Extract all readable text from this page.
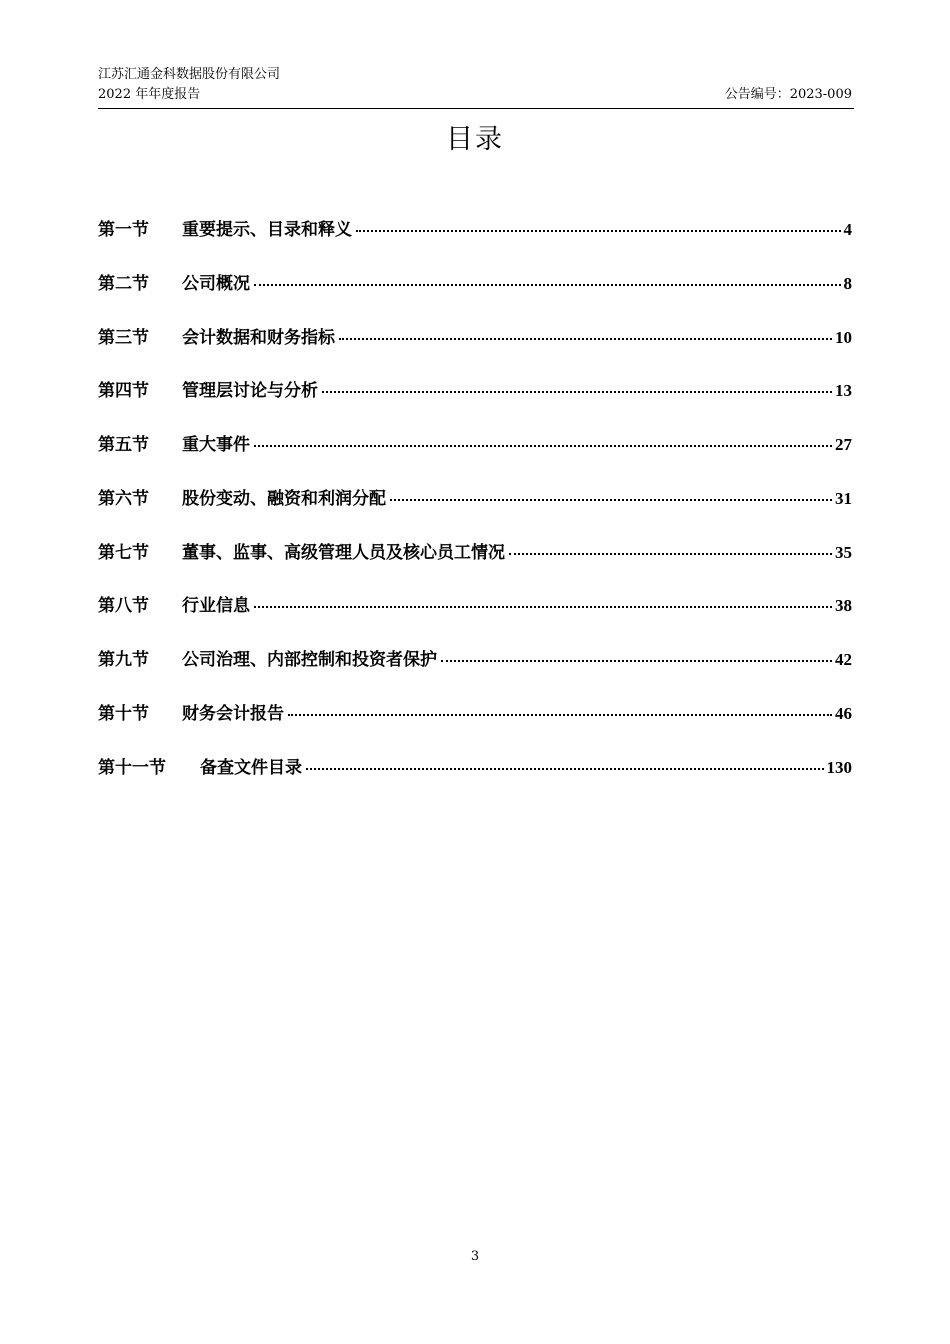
江苏汇通金科数据股份有限公司
2022 年年度报告	公告编号：2023-009
目录
第一节	重要提示、目录和释义	4
第二节	公司概况	8
第三节	会计数据和财务指标	10
第四节	管理层讨论与分析	13
第五节	重大事件	27
第六节	股份变动、融资和利润分配	31
第七节	董事、监事、高级管理人员及核心员工情况	35
第八节	行业信息	38
第九节	公司治理、内部控制和投资者保护	42
第十节	财务会计报告	46
第十一节	备查文件目录	130
3
